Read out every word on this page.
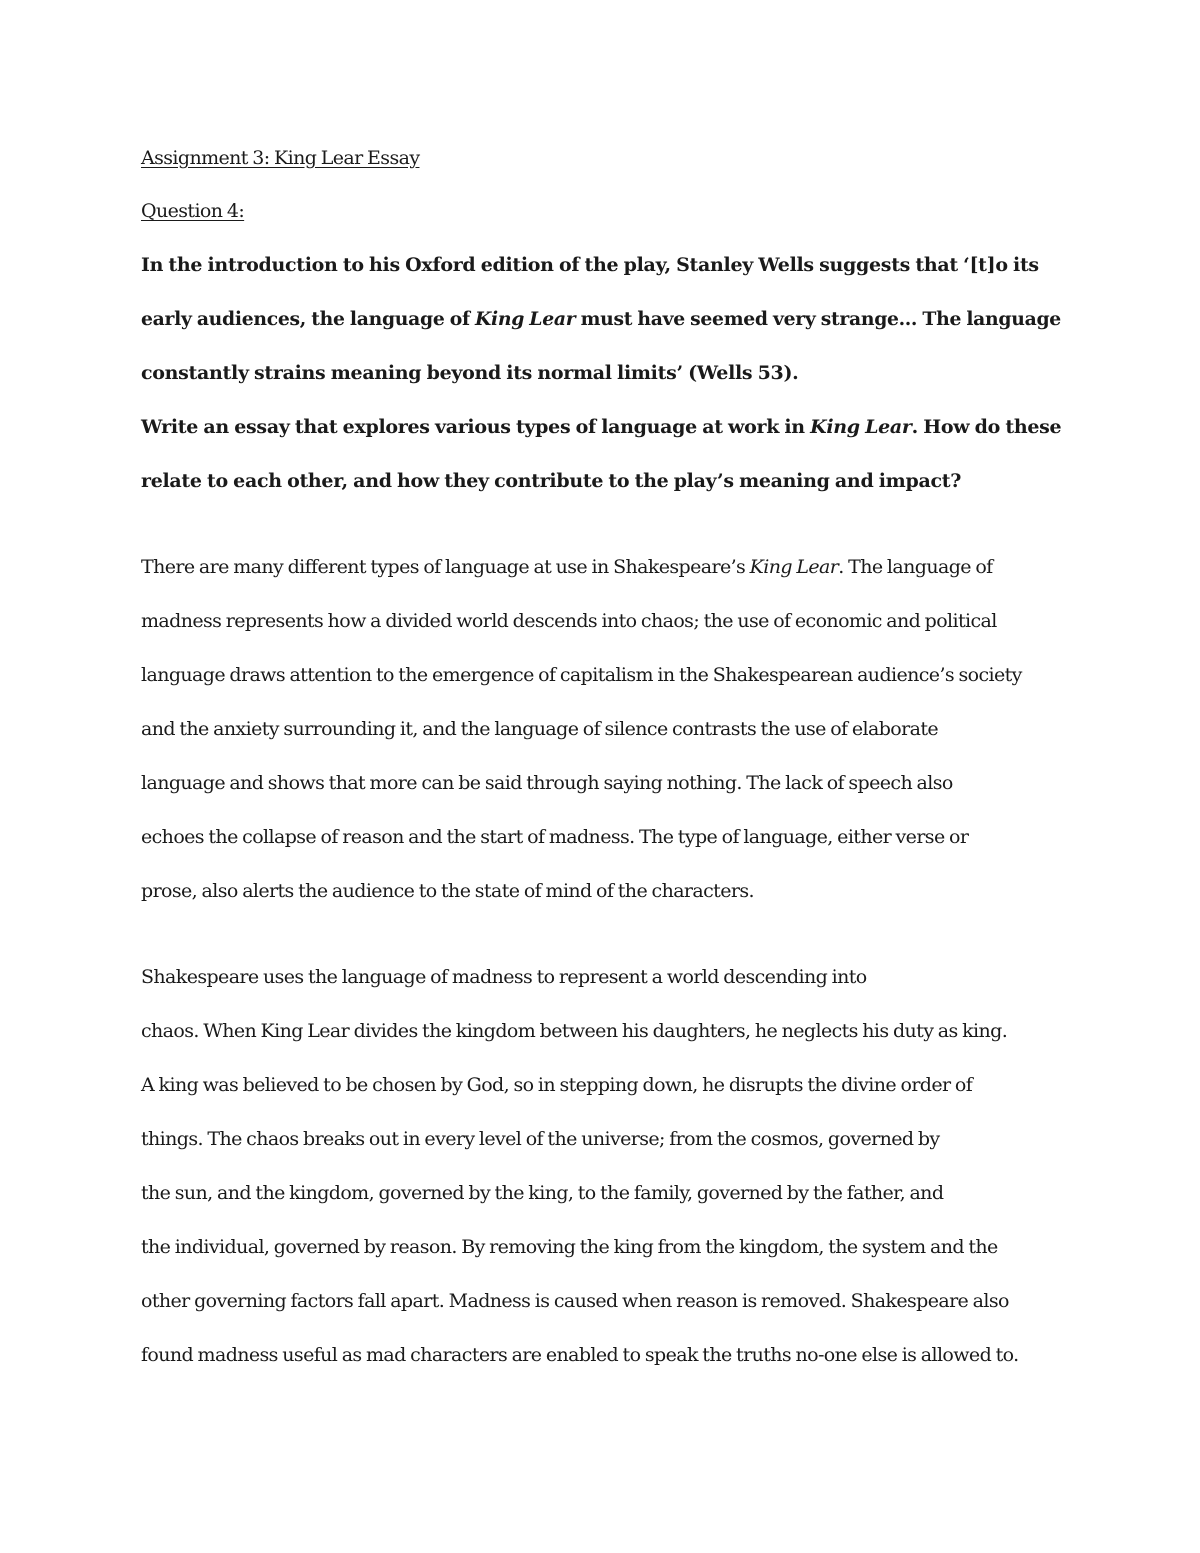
Assignment 3: King Lear Essay
Question 4:
In the introduction to his Oxford edition of the play, Stanley Wells suggests that ‘[t]o its
early audiences, the language of King Lear must have seemed very strange… The language
constantly strains meaning beyond its normal limits’ (Wells 53).
Write an essay that explores various types of language at work in King Lear. How do these
relate to each other, and how they contribute to the play’s meaning and impact?
There are many different types of language at use in Shakespeare’s King Lear. The language of
madness represents how a divided world descends into chaos; the use of economic and political
language draws attention to the emergence of capitalism in the Shakespearean audience’s society
and the anxiety surrounding it, and the language of silence contrasts the use of elaborate
language and shows that more can be said through saying nothing. The lack of speech also
echoes the collapse of reason and the start of madness. The type of language, either verse or
prose, also alerts the audience to the state of mind of the characters.
Shakespeare uses the language of madness to represent a world descending into
chaos. When King Lear divides the kingdom between his daughters, he neglects his duty as king.
A king was believed to be chosen by God, so in stepping down, he disrupts the divine order of
things. The chaos breaks out in every level of the universe; from the cosmos, governed by
the sun, and the kingdom, governed by the king, to the family, governed by the father, and
the individual, governed by reason. By removing the king from the kingdom, the system and the
other governing factors fall apart. Madness is caused when reason is removed. Shakespeare also
found madness useful as mad characters are enabled to speak the truths no-one else is allowed to.
